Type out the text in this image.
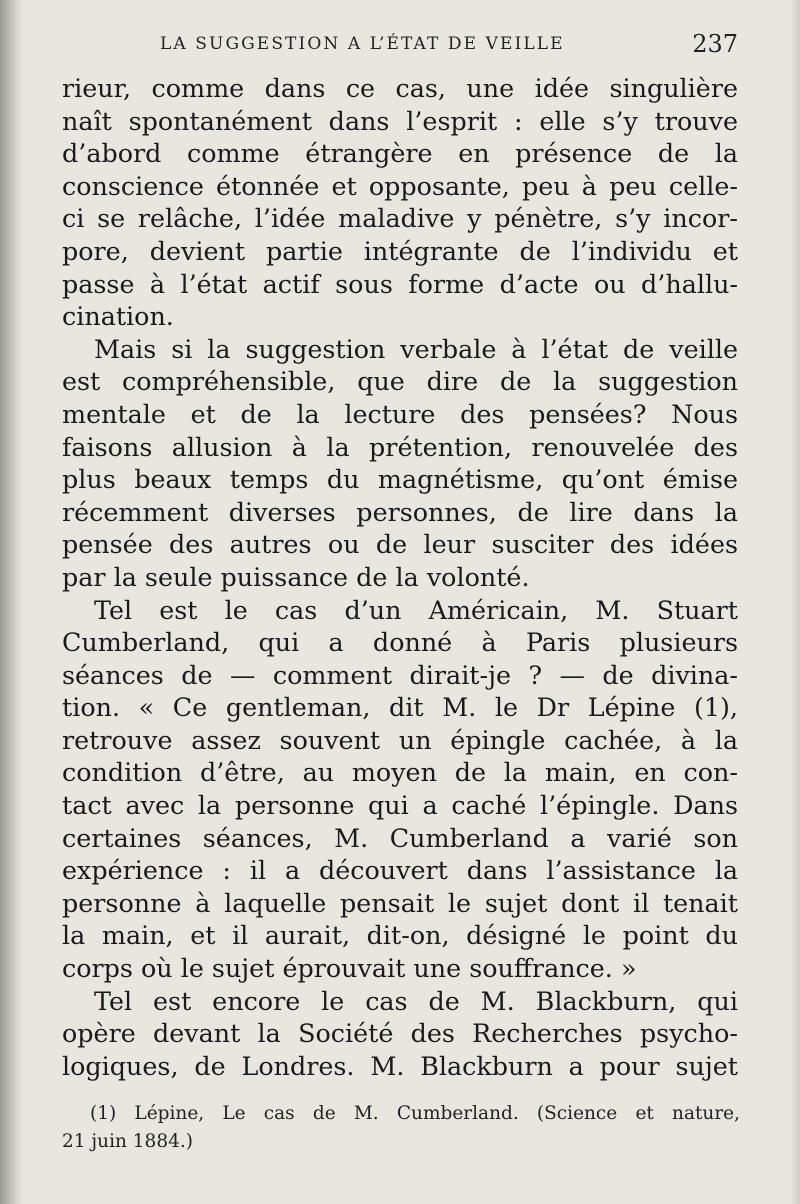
LA SUGGESTION A L’ÉTAT DE VEILLE	237
rieur, comme dans ce cas, une idée singulière
naît spontanément dans l’esprit : elle s’y trouve
d’abord comme étrangère en présence de la
conscience étonnée et opposante, peu à peu celle-
ci se relâche, l’idée maladive y pénètre, s’y incor-
pore, devient partie intégrante de l’individu et
passe à l’état actif sous forme d’acte ou d’hallu-
cination.
Mais si la suggestion verbale à l’état de veille
est compréhensible, que dire de la suggestion
mentale et de la lecture des pensées? Nous
faisons allusion à la prétention, renouvelée des
plus beaux temps du magnétisme, qu’ont émise
récemment diverses personnes, de lire dans la
pensée des autres ou de leur susciter des idées
par la seule puissance de la volonté.
Tel est le cas d’un Américain, M. Stuart
Cumberland, qui a donné à Paris plusieurs
séances de — comment dirait-je ? — de divina-
tion. « Ce gentleman, dit M. le Dr Lépine (1),
retrouve assez souvent un épingle cachée, à la
condition d’être, au moyen de la main, en con-
tact avec la personne qui a caché l’épingle. Dans
certaines séances, M. Cumberland a varié son
expérience : il a découvert dans l’assistance la
personne à laquelle pensait le sujet dont il tenait
la main, et il aurait, dit-on, désigné le point du
corps où le sujet éprouvait une souffrance. »
Tel est encore le cas de M. Blackburn, qui
opère devant la Société des Recherches psycho-
logiques, de Londres. M. Blackburn a pour sujet
(1) Lépine, Le cas de M. Cumberland. (Science et nature,
21 juin 1884.)
